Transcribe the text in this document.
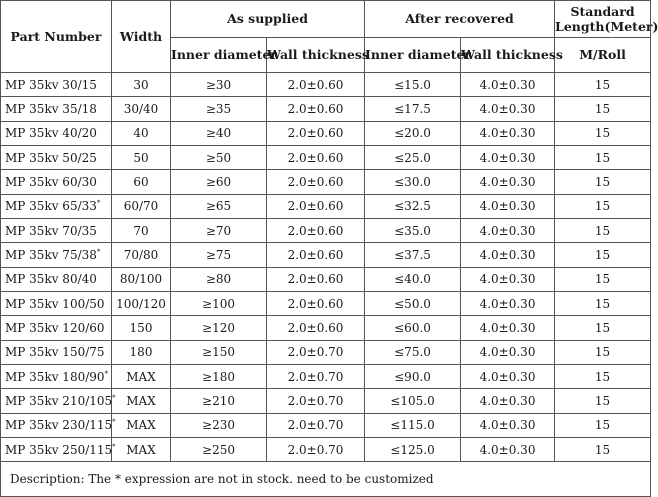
Part Number	Width	As supplied		After recovered		Standard
Length(Meter)
		Inner diameter	Wall thickness	Inner diameter	Wall thickness	M/Roll
MP 35kv 30/15	30	≥30	2.0±0.60	≤15.0	4.0±0.30	15
MP 35kv 35/18	30/40	≥35	2.0±0.60	≤17.5	4.0±0.30	15
MP 35kv 40/20	40	≥40	2.0±0.60	≤20.0	4.0±0.30	15
MP 35kv 50/25	50	≥50	2.0±0.60	≤25.0	4.0±0.30	15
MP 35kv 60/30	60	≥60	2.0±0.60	≤30.0	4.0±0.30	15
MP 35kv 65/33*	60/70	≥65	2.0±0.60	≤32.5	4.0±0.30	15
MP 35kv 70/35	70	≥70	2.0±0.60	≤35.0	4.0±0.30	15
MP 35kv 75/38*	70/80	≥75	2.0±0.60	≤37.5	4.0±0.30	15
MP 35kv 80/40	80/100	≥80	2.0±0.60	≤40.0	4.0±0.30	15
MP 35kv 100/50	100/120	≥100	2.0±0.60	≤50.0	4.0±0.30	15
MP 35kv 120/60	150	≥120	2.0±0.60	≤60.0	4.0±0.30	15
MP 35kv 150/75	180	≥150	2.0±0.70	≤75.0	4.0±0.30	15
MP 35kv 180/90*	MAX	≥180	2.0±0.70	≤90.0	4.0±0.30	15
MP 35kv 210/105*	MAX	≥210	2.0±0.70	≤105.0	4.0±0.30	15
MP 35kv 230/115*	MAX	≥230	2.0±0.70	≤115.0	4.0±0.30	15
MP 35kv 250/115*	MAX	≥250	2.0±0.70	≤125.0	4.0±0.30	15
Description: The * expression are not in stock. need to be customized						
